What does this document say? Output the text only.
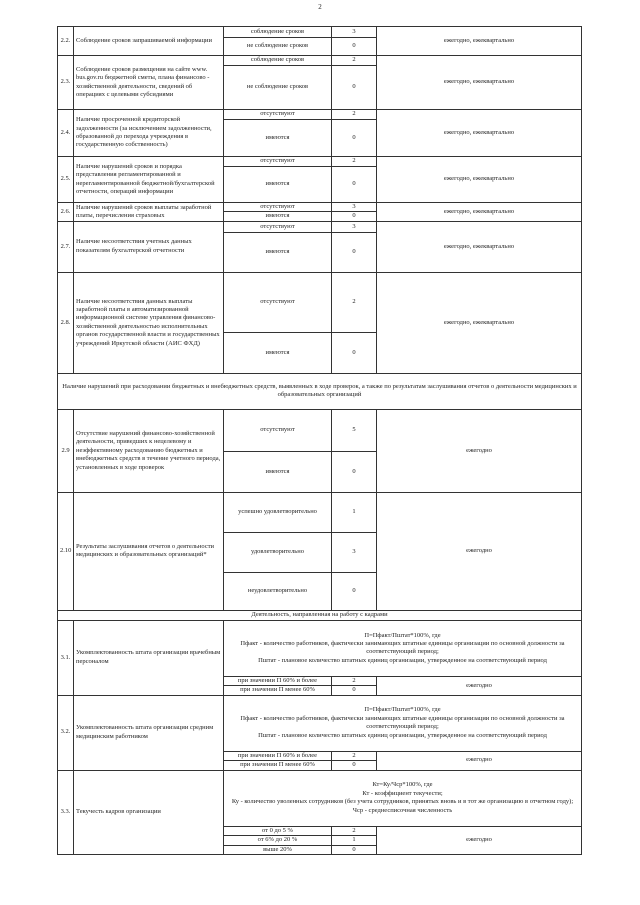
2
2.2.	Соблюдение сроков запрашиваемой информации	соблюдение сроков	3	ежегодно, ежеквартально
		не соблюдение сроков	0	
2.3.	Соблюдение сроков размещения на сайте www. bus.gov.ru бюджетной сметы, плана финансово - хозяйственной деятельности, сведений об операциях с целевыми субсидиями	соблюдение сроков	2	ежегодно, ежеквартально
		не соблюдение сроков	0	
2.4.	Наличие просроченной кредиторской задолженности (за исключением задолженности, образованной до перехода учреждения в государственную собственность)	отсутствуют	2	ежегодно, ежеквартально
		имеются	0	
2.5.	Наличие нарушений сроков и порядка представления регламентированной и нерегламентированной бюджетной/бухгалтерской отчетности, операций информации	отсутствуют	2	ежегодно, ежеквартально
		имеются	0	
2.6.	Наличие нарушений сроков выплаты заработной платы, перечисления страховых	отсутствуют	3	ежегодно, ежеквартально
		имеются	0	
2.7.	Наличие несоответствия учетных данных показателям бухгалтерской отчетности	отсутствуют	3	ежегодно, ежеквартально
		имеются	0	
2.8.	Наличие несоответствия данных выплаты заработной платы в автоматизированной информационной системе управления финансово-хозяйственной деятельностью исполнительных органов государственной власти и государственных учреждений Иркутской области (АИС ФХД)	отсутствуют	2	ежегодно, ежеквартально
		имеются	0	
Наличие нарушений при расходовании бюджетных и внебюджетных средств, выявленных в ходе проверок, а также по результатам заслушивания отчетов о деятельности медицинских и образовательных организаций				
2.9	Отсутствие нарушений финансово-хозяйственной деятельности, приведших к нецелевому и неэффективному расходованию бюджетных и внебюджетных средств в течение учетного периода, установленных в ходе проверок	отсутствуют	5	ежегодно
		имеются	0	
2.10	Результаты заслушивания отчетов о деятельности медицинских и образовательных организаций*	успешно удовлетворительно	1	ежегодно
		удовлетворительно	3	
		неудовлетворительно	0	
Деятельность, направленная на работу с кадрами				
3.1.	Укомплектованность штата организации врачебным персоналом	П=Пфакт/Пштат*100%, где
Пфакт - количество работников, фактически занимающих штатные единицы организации по основной должности за соответствующий период;
Пштат - плановое количество штатных единиц организации, утвержденное на соответствующий период		

		при значении П 60% и более	2	ежегодно
		при значении П менее 60%	0	
3.2.	Укомплектованность штата организации средним медицинским работником	П=Пфакт/Пштат*100%, где
Пфакт - количество работников, фактически занимающих штатные единицы организации по основной должности за соответствующий период;
Пштат - плановое количество штатных единиц организации, утвержденное на соответствующий период		

		при значении П 60% и более	2	ежегодно
		при значении П менее 60%	0	
3.3.	Текучесть кадров организации	Кт=Ку/Чср*100%, где
Кт - коэффициент текучести;
Ку - количество уволенных сотрудников (без учета сотрудников, принятых вновь и в тот же организацию в отчетном году);
Чср - среднесписочная численность		

		от 0 до 5 %	2	ежегодно
		от 6% до 20 %	1	
		выше 20%	0	
